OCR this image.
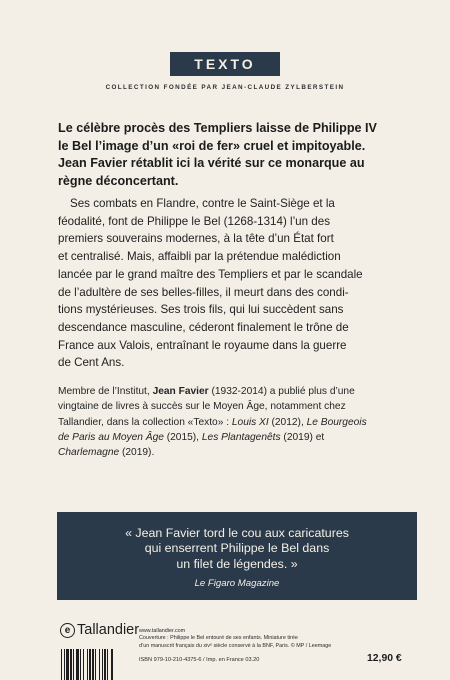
TEXTO
COLLECTION FONDÉE PAR JEAN-CLAUDE ZYLBERSTEIN
Le célèbre procès des Templiers laisse de Philippe IV
le Bel l’image d’un «roi de fer» cruel et impitoyable.
Jean Favier rétablit ici la vérité sur ce monarque au
règne déconcertant.
Ses combats en Flandre, contre le Saint-Siège et la
féodalité, font de Philippe le Bel (1268-1314) l’un des
premiers souverains modernes, à la tête d’un État fort
et centralisé. Mais, affaibli par la prétendue malédiction
lancée par le grand maître des Templiers et par le scandale
de l’adultère de ses belles-filles, il meurt dans des condi-
tions mystérieuses. Ses trois fils, qui lui succèdent sans
descendance masculine, céderont finalement le trône de
France aux Valois, entraînant le royaume dans la guerre
de Cent Ans.
Membre de l’Institut, Jean Favier (1932-2014) a publié plus d’une
vingtaine de livres à succès sur le Moyen Âge, notamment chez
Tallandier, dans la collection «Texto» : Louis XI (2012), Le Bourgeois
de Paris au Moyen Âge (2015), Les Plantagenêts (2019) et
Charlemagne (2019).
« Jean Favier tord le cou aux caricatures
qui enserrent Philippe le Bel dans
un filet de légendes. »
Le Figaro Magazine
e Tallandier www.tallandier.com
Couverture : Philippe le Bel entouré de ses enfants. Miniature tirée
d’un manuscrit français du xivᵉ siècle conservé à la BNF, Paris. © MP / Leemage
ISBN 979-10-210-4375-6 / Imp. en France 03.20	12,90 €
